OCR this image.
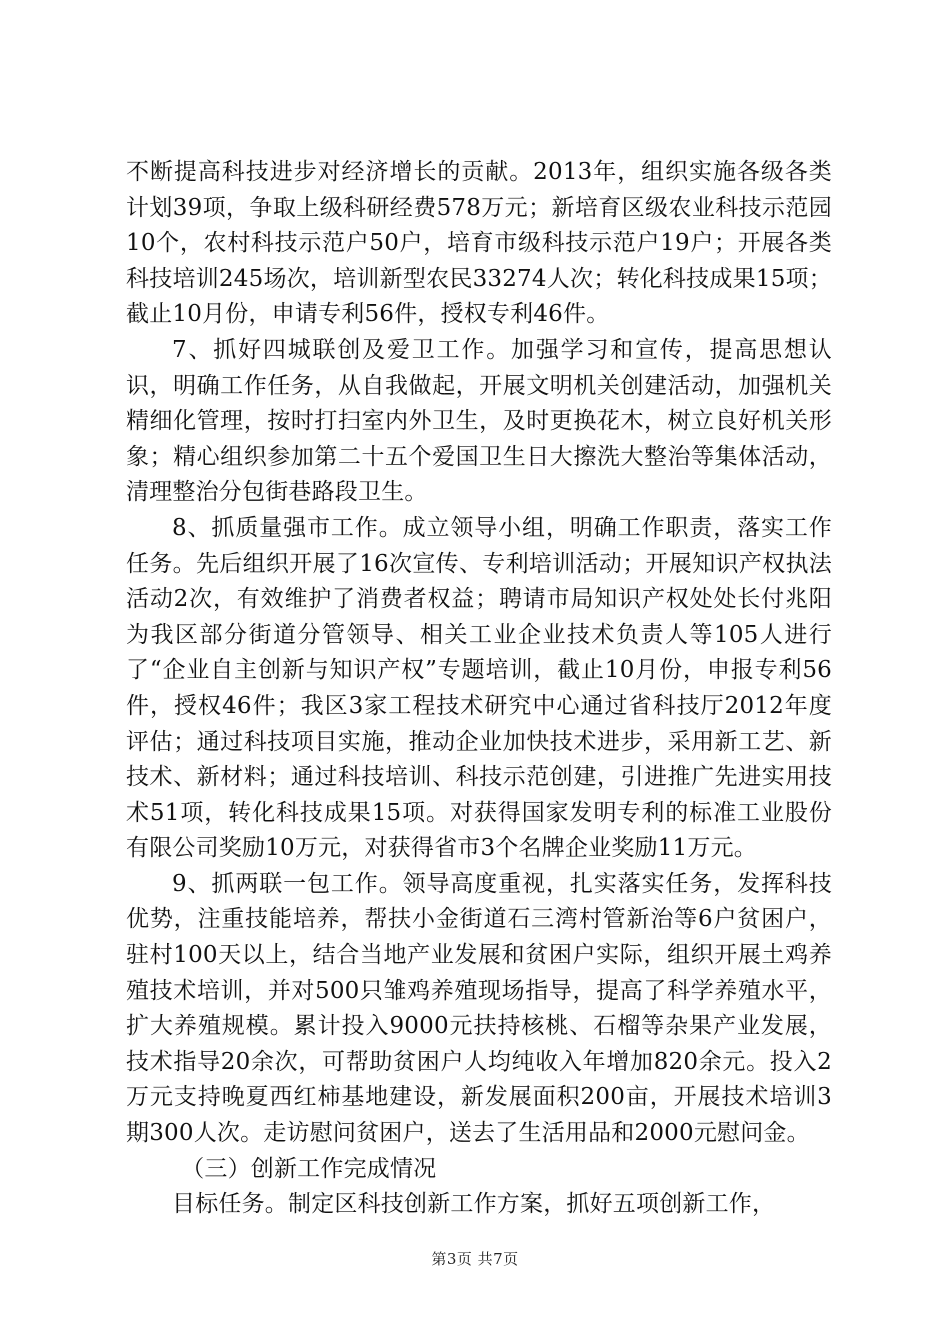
不断提高科技进步对经济增长的贡献。2013年，组织实施各级各类计划39项，争取上级科研经费578万元；新培育区级农业科技示范园10个，农村科技示范户50户，培育市级科技示范户19户；开展各类科技培训245场次，培训新型农民33274人次；转化科技成果15项；截止10月份，申请专利56件，授权专利46件。

7、抓好四城联创及爱卫工作。加强学习和宣传，提高思想认识，明确工作任务，从自我做起，开展文明机关创建活动，加强机关精细化管理，按时打扫室内外卫生，及时更换花木，树立良好机关形象；精心组织参加第二十五个爱国卫生日大擦洗大整治等集体活动，清理整治分包街巷路段卫生。

8、抓质量强市工作。成立领导小组，明确工作职责，落实工作任务。先后组织开展了16次宣传、专利培训活动；开展知识产权执法活动2次，有效维护了消费者权益；聘请市局知识产权处处长付兆阳为我区部分街道分管领导、相关工业企业技术负责人等105人进行了“企业自主创新与知识产权”专题培训，截止10月份，申报专利56件，授权46件；我区3家工程技术研究中心通过省科技厅2012年度评估；通过科技项目实施，推动企业加快技术进步，采用新工艺、新技术、新材料；通过科技培训、科技示范创建，引进推广先进实用技术51项，转化科技成果15项。对获得国家发明专利的标准工业股份有限公司奖励10万元，对获得省市3个名牌企业奖励11万元。

9、抓两联一包工作。领导高度重视，扎实落实任务，发挥科技优势，注重技能培养，帮扶小金街道石三湾村管新治等6户贫困户，驻村100天以上，结合当地产业发展和贫困户实际，组织开展土鸡养殖技术培训，并对500只雏鸡养殖现场指导，提高了科学养殖水平，扩大养殖规模。累计投入9000元扶持核桃、石榴等杂果产业发展，技术指导20余次，可帮助贫困户人均纯收入年增加820余元。投入2万元支持晚夏西红柿基地建设，新发展面积200亩，开展技术培训3期300人次。走访慰问贫困户，送去了生活用品和2000元慰问金。

（三）创新工作完成情况

目标任务。制定区科技创新工作方案，抓好五项创新工作，

第3页 共7页
